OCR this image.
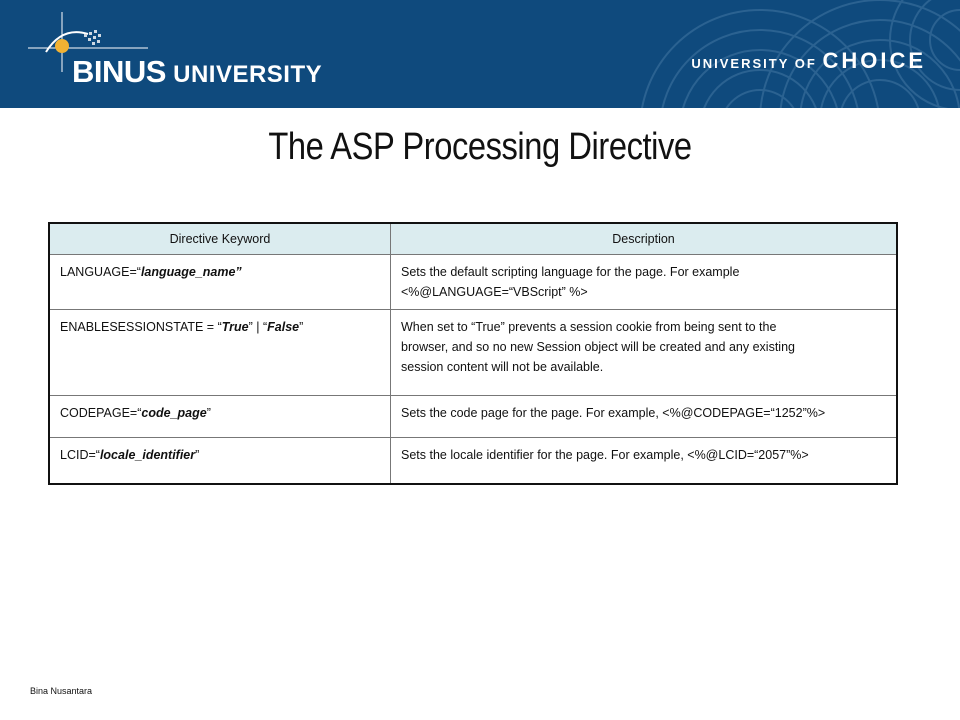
BINUS UNIVERSITY	UNIVERSITY OF CHOICE
The ASP Processing Directive
Directive Keyword	Description
LANGUAGE=“language_name”	Sets the default scripting language for the page. For example
<%@LANGUAGE=“VBScript” %>

ENABLESESSIONSTATE = “True” | “False”	When set to “True” prevents a session cookie from being sent to the
browser, and so no new Session object will be created and any existing
session content will not be available.

CODEPAGE=“code_page”	Sets the code page for the page. For example, <%@CODEPAGE=“1252”%>

LCID=“locale_identifier”	Sets the locale identifier for the page. For example, <%@LCID=“2057”%>
Bina Nusantara
